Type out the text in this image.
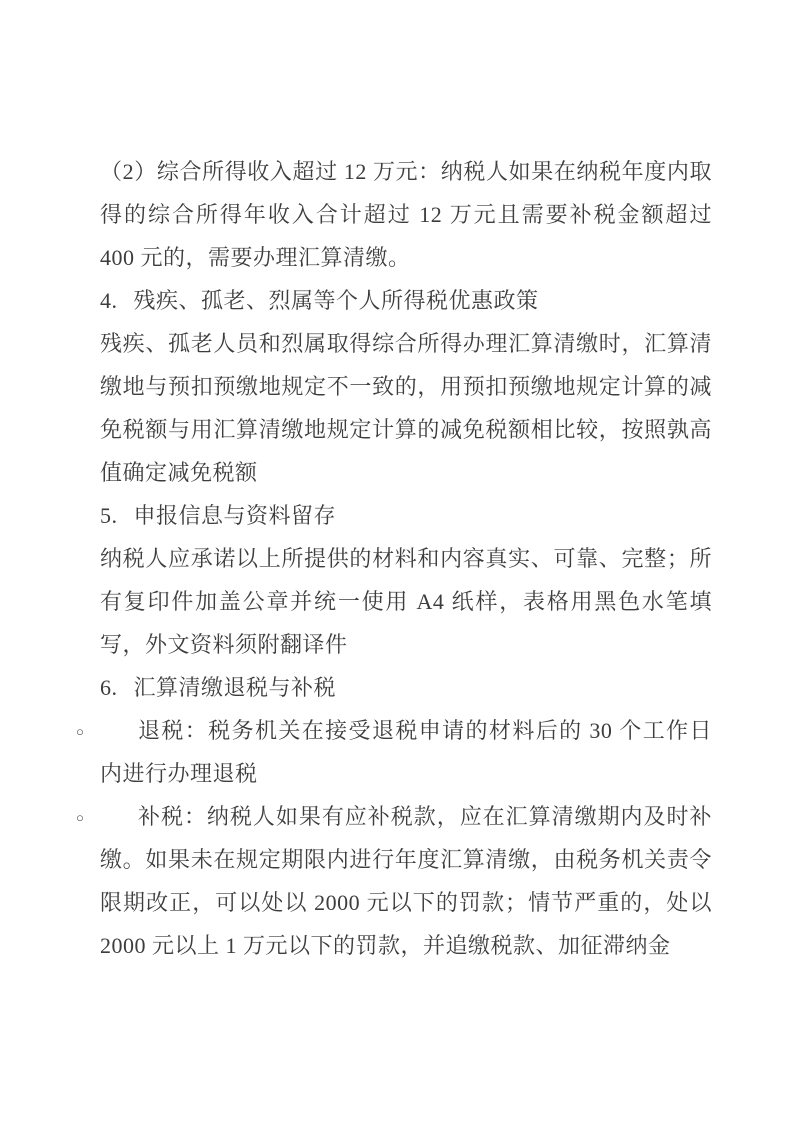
（2）综合所得收入超过 12 万元：纳税人如果在纳税年度内取得的综合所得年收入合计超过 12 万元且需要补税金额超过 400 元的，需要办理汇算清缴。

4. 残疾、孤老、烈属等个人所得税优惠政策

残疾、孤老人员和烈属取得综合所得办理汇算清缴时，汇算清缴地与预扣预缴地规定不一致的，用预扣预缴地规定计算的减免税额与用汇算清缴地规定计算的减免税额相比较，按照孰高值确定减免税额

5. 申报信息与资料留存

纳税人应承诺以上所提供的材料和内容真实、可靠、完整；所有复印件加盖公章并统一使用 A4 纸样，表格用黑色水笔填写，外文资料须附翻译件

6. 汇算清缴退税与补税
○ 退税：税务机关在接受退税申请的材料后的 30 个工作日内进行办理退税
○ 补税：纳税人如果有应补税款，应在汇算清缴期内及时补缴。如果未在规定期限内进行年度汇算清缴，由税务机关责令限期改正，可以处以 2000 元以下的罚款；情节严重的，处以 2000 元以上 1 万元以下的罚款，并追缴税款、加征滞纳金
